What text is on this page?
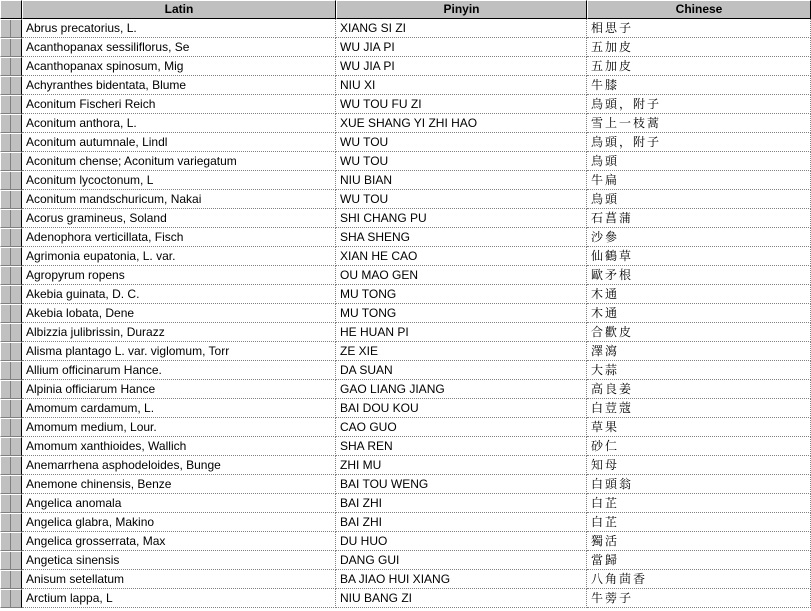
Latin	Pinyin	Chinese
Abrus precatorius, L.	XIANG SI ZI	相思子
Acanthopanax sessiliflorus, Se	WU JIA PI	五加皮
Acanthopanax spinosum, Mig	WU JIA PI	五加皮
Achyranthes bidentata, Blume	NIU XI	牛膝
Aconitum Fischeri Reich	WU TOU FU ZI	烏頭，附子
Aconitum anthora, L.	XUE SHANG YI ZHI HAO	雪上一枝蒿
Aconitum autumnale, Lindl	WU TOU	烏頭，附子
Aconitum chense; Aconitum variegatum	WU TOU	烏頭
Aconitum lycoctonum, L	NIU BIAN	牛扁
Aconitum mandschuricum, Nakai	WU TOU	烏頭
Acorus gramineus, Soland	SHI CHANG PU	石菖蒲
Adenophora verticillata, Fisch	SHA SHENG	沙參
Agrimonia eupatonia, L. var.	XIAN HE CAO	仙鶴草
Agropyrum ropens	OU MAO GEN	歐矛根
Akebia guinata, D. C.	MU TONG	木通
Akebia lobata, Dene	MU TONG	木通
Albizzia julibrissin, Durazz	HE HUAN PI	合歡皮
Alisma plantago L. var. viglomum, Torr	ZE XIE	澤瀉
Allium officinarum Hance.	DA SUAN	大蒜
Alpinia officiarum Hance	GAO LIANG JIANG	高良姜
Amomum cardamum, L.	BAI DOU KOU	白荳蔻
Amomum medium, Lour.	CAO GUO	草果
Amomum xanthioides, Wallich	SHA REN	砂仁
Anemarrhena asphodeloides, Bunge	ZHI MU	知母
Anemone chinensis, Benze	BAI TOU WENG	白頭翁
Angelica anomala	BAI ZHI	白芷
Angelica glabra, Makino	BAI ZHI	白芷
Angelica grosserrata, Max	DU HUO	獨活
Angetica sinensis	DANG GUI	當歸
Anisum setellatum	BA JIAO HUI XIANG	八角茴香
Arctium lappa, L	NIU BANG ZI	牛蒡子
